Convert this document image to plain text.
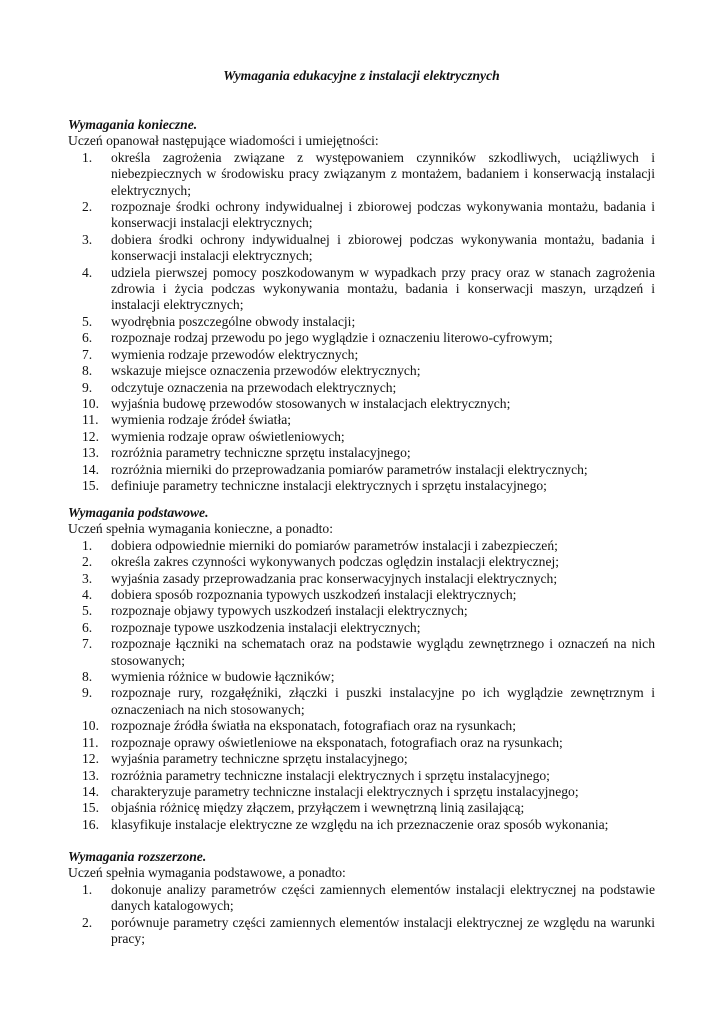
Wymagania edukacyjne z instalacji elektrycznych

Wymagania konieczne.

Uczeń opanował następujące wiadomości i umiejętności:

1.	określa zagrożenia związane z występowaniem czynników szkodliwych, uciążliwych i niebezpiecznych w środowisku pracy związanym z montażem, badaniem i konserwacją instalacji elektrycznych;
2.	rozpoznaje środki ochrony indywidualnej i zbiorowej podczas wykonywania montażu, badania i konserwacji instalacji elektrycznych;
3.	dobiera środki ochrony indywidualnej i zbiorowej podczas wykonywania montażu, badania i konserwacji instalacji elektrycznych;
4.	udziela pierwszej pomocy poszkodowanym w wypadkach przy pracy oraz w stanach zagrożenia zdrowia i życia podczas wykonywania montażu, badania i konserwacji maszyn, urządzeń i instalacji elektrycznych;
5.	wyodrębnia poszczególne obwody instalacji;
6.	rozpoznaje rodzaj przewodu po jego wyglądzie i oznaczeniu literowo-cyfrowym;
7.	wymienia rodzaje przewodów elektrycznych;
8.	wskazuje miejsce oznaczenia przewodów elektrycznych;
9.	odczytuje oznaczenia na przewodach elektrycznych;
10. wyjaśnia budowę przewodów stosowanych w instalacjach elektrycznych;
11. wymienia rodzaje źródeł światła;
12. wymienia rodzaje opraw oświetleniowych;
13. rozróżnia parametry techniczne sprzętu instalacyjnego;
14. rozróżnia mierniki do przeprowadzania pomiarów parametrów instalacji elektrycznych;
15. definiuje parametry techniczne instalacji elektrycznych i sprzętu instalacyjnego;

Wymagania podstawowe.

Uczeń spełnia wymagania konieczne, a ponadto:

1.	dobiera odpowiednie mierniki do pomiarów parametrów instalacji i zabezpieczeń;
2.	określa zakres czynności wykonywanych podczas oględzin instalacji elektrycznej;
3.	wyjaśnia zasady przeprowadzania prac konserwacyjnych instalacji elektrycznych;
4.	dobiera sposób rozpoznania typowych uszkodzeń instalacji elektrycznych;
5.	rozpoznaje objawy typowych uszkodzeń instalacji elektrycznych;
6.	rozpoznaje typowe uszkodzenia instalacji elektrycznych;
7.	rozpoznaje łączniki na schematach oraz na podstawie wyglądu zewnętrznego i oznaczeń na nich stosowanych;
8.	wymienia różnice w budowie łączników;
9.	rozpoznaje rury, rozgałęźniki, złączki i puszki instalacyjne po ich wyglądzie zewnętrznym i oznaczeniach na nich stosowanych;
10. rozpoznaje źródła światła na eksponatach, fotografiach oraz na rysunkach;
11. rozpoznaje oprawy oświetleniowe na eksponatach, fotografiach oraz na rysunkach;
12. wyjaśnia parametry techniczne sprzętu instalacyjnego;
13. rozróżnia parametry techniczne instalacji elektrycznych i sprzętu instalacyjnego;
14. charakteryzuje parametry techniczne instalacji elektrycznych i sprzętu instalacyjnego;
15. objaśnia różnicę między złączem, przyłączem i wewnętrzną linią zasilającą;
16. klasyfikuje instalacje elektryczne ze względu na ich przeznaczenie oraz sposób wykonania;

Wymagania rozszerzone.

Uczeń spełnia wymagania podstawowe, a ponadto:

1.	dokonuje analizy parametrów części zamiennych elementów instalacji elektrycznej na podstawie danych katalogowych;
2.	porównuje parametry części zamiennych elementów instalacji elektrycznej ze względu na warunki pracy;
